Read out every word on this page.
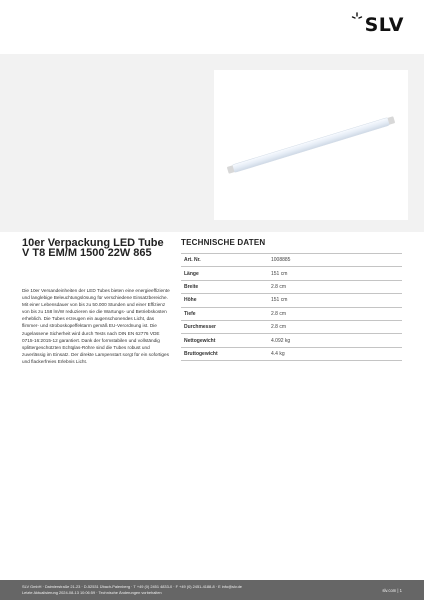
SLV
10er Verpackung LED Tube V T8 EM/M 1500 22W 865

Die 10er Versandeinheiten der LED Tubes bieten eine energieeffiziente und langlebige Beleuchtungslösung für verschiedene Einsatzbereiche. Mit einer Lebensdauer von bis zu 50.000 Stunden und einer Effizienz von bis zu 158 lm/W reduzieren sie die Wartungs- und Betriebskosten erheblich. Die Tubes erzeugen ein augenschonendes Licht, das flimmer- und stroboskopeffektarm gemäß EU-Verordnung ist. Die zugelassene Sicherheit wird durch Tests nach DIN EN 62776 VDE 0715-16:2015-12 garantiert. Dank der formstabilen und vollständig splittergeschützten Echtglas-Röhre sind die Tubes robust und zuverlässig im Einsatz. Der direkte Lampenstart sorgt für ein sofortiges und flackerfreies Erlebnis Licht.

TECHNISCHE DATEN
Art. Nr.	1008885
Länge	151 cm
Breite	2.8 cm
Höhe	151 cm
Tiefe	2.8 cm
Durchmesser	2.8 cm
Nettogewicht	4.092 kg
Bruttogewicht	4.4 kg
SLV GmbH · Daimlerstraße 21-23 · D-52531 Übach-Palenberg · T +49 (0) 2451 4833-0 · F +49 (0) 2451-4188-8 · E info@slv.de
Letzte Aktualisierung 2024-08-13 10:06:59 · Technische Änderungen vorbehalten	slv.com | 1
